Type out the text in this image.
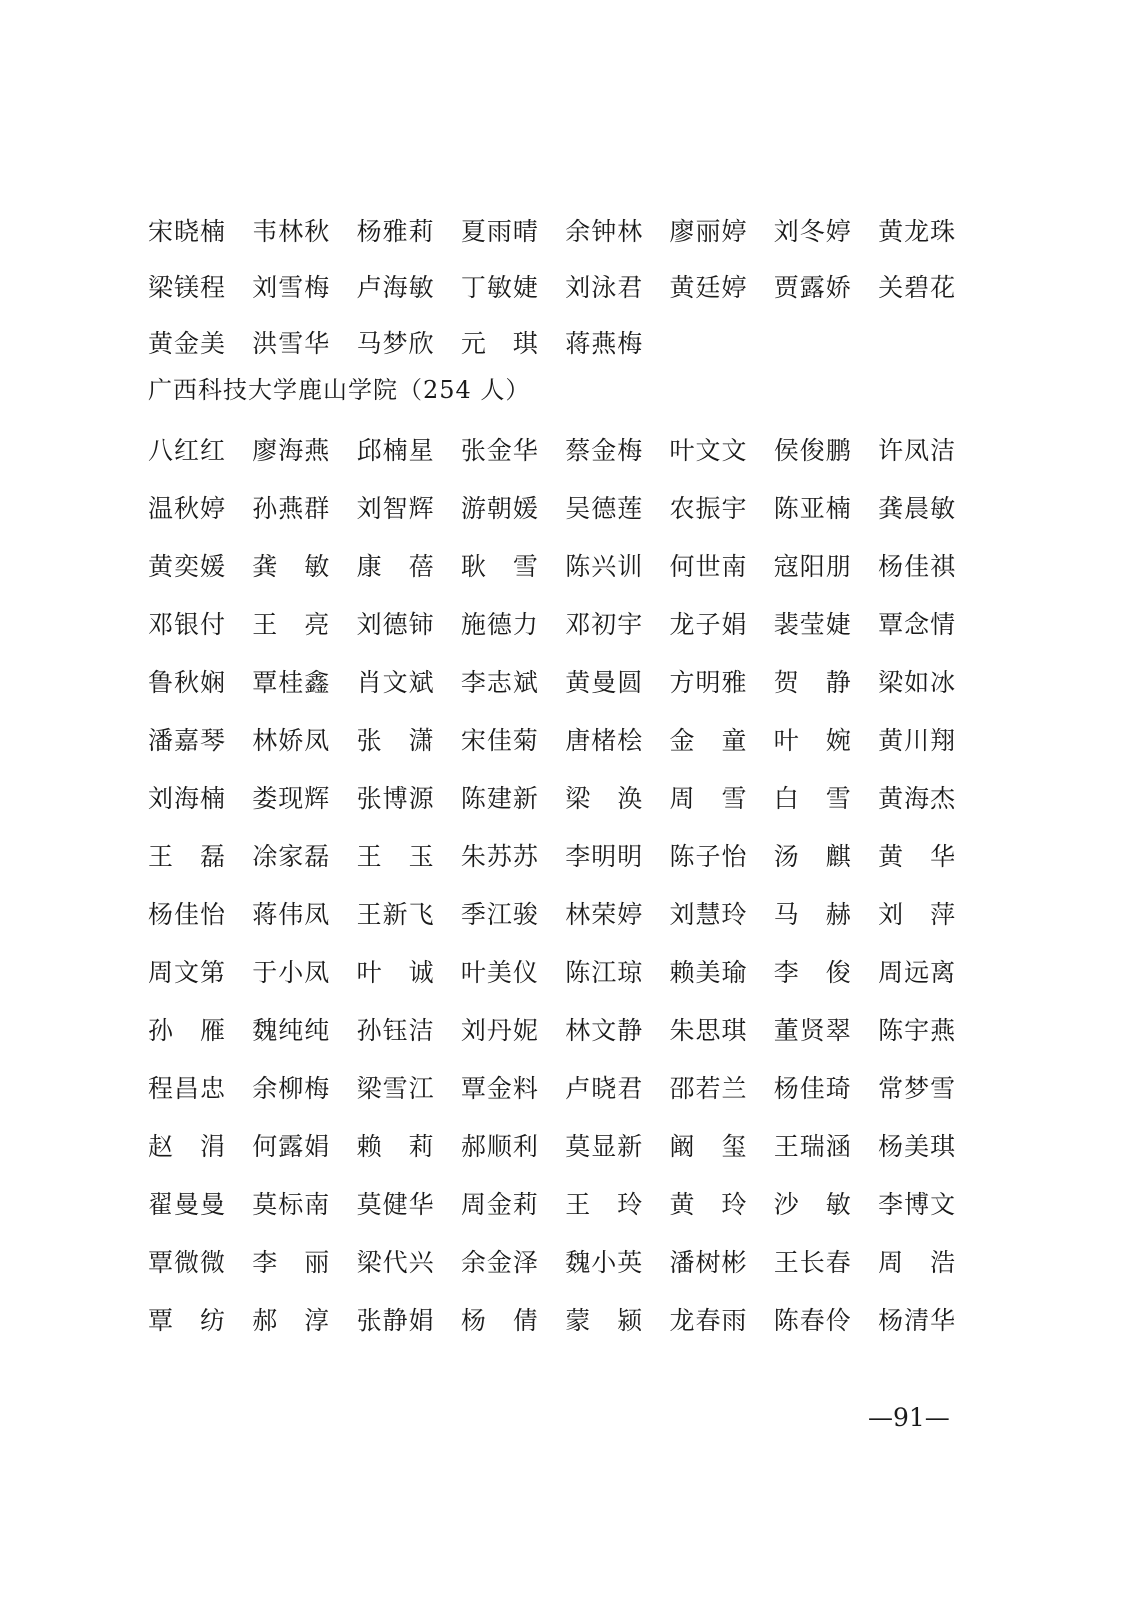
宋晓楠 韦林秋 杨雅莉 夏雨晴 余钟林 廖丽婷 刘冬婷 黄龙珠
梁镁程 刘雪梅 卢海敏 丁敏婕 刘泳君 黄廷婷 贾露娇 关碧花
黄金美 洪雪华 马梦欣 元　琪 蒋燕梅
广西科技大学鹿山学院（254 人）
八红红 廖海燕 邱楠星 张金华 蔡金梅 叶文文 侯俊鹏 许凤洁
温秋婷 孙燕群 刘智辉 游朝媛 吴德莲 农振宇 陈亚楠 龚晨敏
黄奕媛 龚　敏 康　蓓 耿　雪 陈兴训 何世南 寇阳朋 杨佳祺
邓银付 王　亮 刘德铈 施德力 邓初宇 龙子娟 裴莹婕 覃念情
鲁秋娴 覃桂鑫 肖文斌 李志斌 黄曼圆 方明雅 贺　静 梁如冰
潘嘉琴 林娇凤 张　潇 宋佳菊 唐楮桧 金　童 叶　婉 黄川翔
刘海楠 娄现辉 张博源 陈建新 梁　涣 周　雪 白　雪 黄海杰
王　磊 凃家磊 王　玉 朱苏苏 李明明 陈子怡 汤　麒 黄　华
杨佳怡 蒋伟凤 王新飞 季江骏 林荣婷 刘慧玲 马　赫 刘　萍
周文第 于小凤 叶　诚 叶美仪 陈江琼 赖美瑜 李　俊 周远离
孙　雁 魏纯纯 孙钰洁 刘丹妮 林文静 朱思琪 董贤翠 陈宇燕
程昌忠 余柳梅 梁雪江 覃金料 卢晓君 邵若兰 杨佳琦 常梦雪
赵　涓 何露娟 赖　莉 郝顺利 莫显新 阚　玺 王瑞涵 杨美琪
翟曼曼 莫标南 莫健华 周金莉 王　玲 黄　玲 沙　敏 李博文
覃微微 李　丽 梁代兴 余金泽 魏小英 潘树彬 王长春 周　浩
覃　纺 郝　淳 张静娟 杨　倩 蒙　颍 龙春雨 陈春伶 杨清华
—91—
